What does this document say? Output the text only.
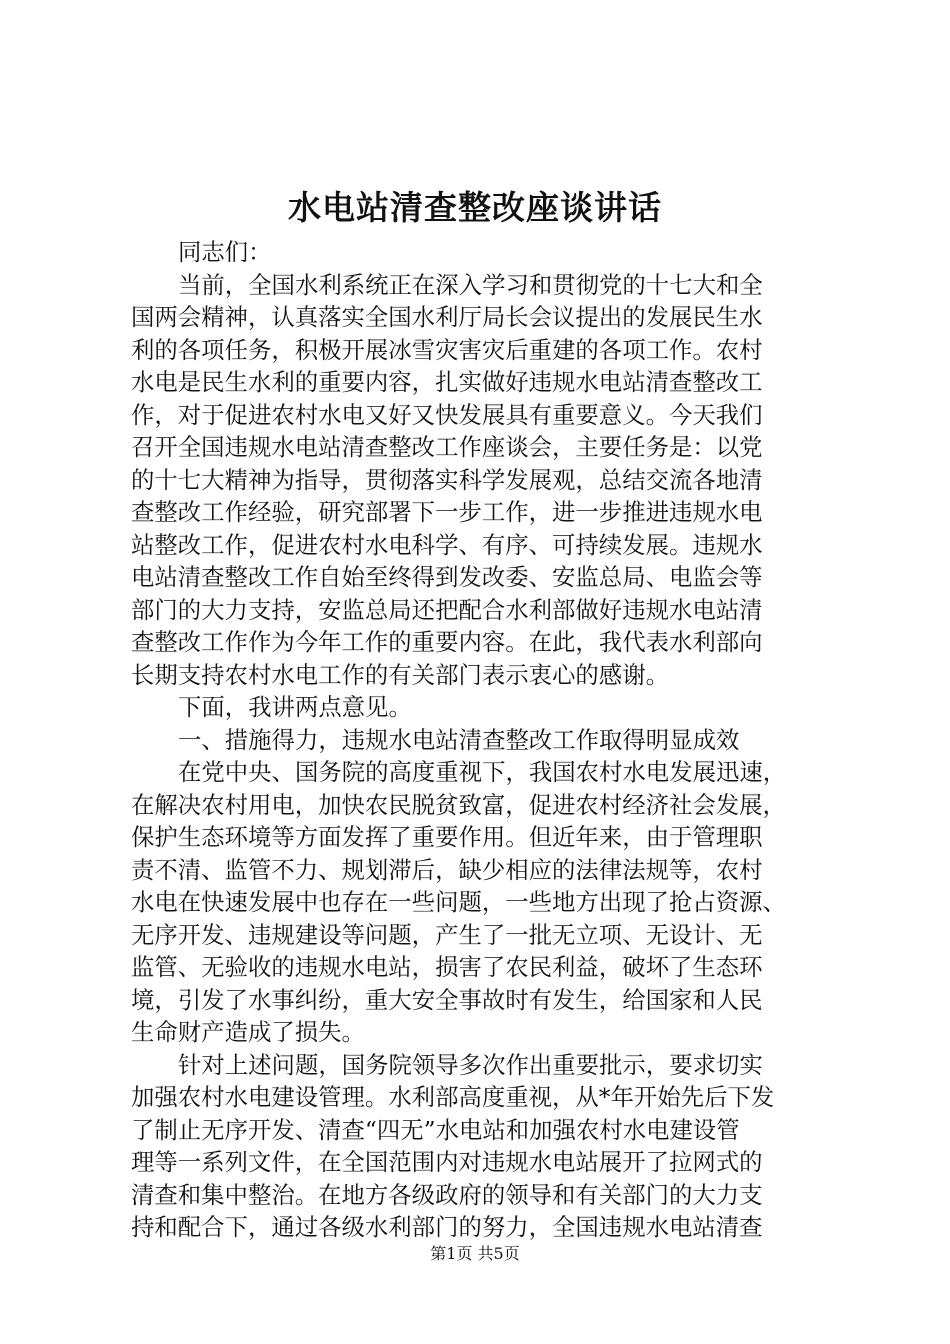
水电站清查整改座谈讲话
同志们：
当前，全国水利系统正在深入学习和贯彻党的十七大和全
国两会精神，认真落实全国水利厅局长会议提出的发展民生水
利的各项任务，积极开展冰雪灾害灾后重建的各项工作。农村
水电是民生水利的重要内容，扎实做好违规水电站清查整改工
作，对于促进农村水电又好又快发展具有重要意义。今天我们
召开全国违规水电站清查整改工作座谈会，主要任务是：以党
的十七大精神为指导，贯彻落实科学发展观，总结交流各地清
查整改工作经验，研究部署下一步工作，进一步推进违规水电
站整改工作，促进农村水电科学、有序、可持续发展。违规水
电站清查整改工作自始至终得到发改委、安监总局、电监会等
部门的大力支持，安监总局还把配合水利部做好违规水电站清
查整改工作作为今年工作的重要内容。在此，我代表水利部向
长期支持农村水电工作的有关部门表示衷心的感谢。
下面，我讲两点意见。
一、措施得力，违规水电站清查整改工作取得明显成效
在党中央、国务院的高度重视下，我国农村水电发展迅速，
在解决农村用电，加快农民脱贫致富，促进农村经济社会发展，
保护生态环境等方面发挥了重要作用。但近年来，由于管理职
责不清、监管不力、规划滞后，缺少相应的法律法规等，农村
水电在快速发展中也存在一些问题，一些地方出现了抢占资源、
无序开发、违规建设等问题，产生了一批无立项、无设计、无
监管、无验收的违规水电站，损害了农民利益，破坏了生态环
境，引发了水事纠纷，重大安全事故时有发生，给国家和人民
生命财产造成了损失。
针对上述问题，国务院领导多次作出重要批示，要求切实
加强农村水电建设管理。水利部高度重视，从*年开始先后下发
了制止无序开发、清查“四无”水电站和加强农村水电建设管
理等一系列文件，在全国范围内对违规水电站展开了拉网式的
清查和集中整治。在地方各级政府的领导和有关部门的大力支
持和配合下，通过各级水利部门的努力，全国违规水电站清查
第1页 共5页
